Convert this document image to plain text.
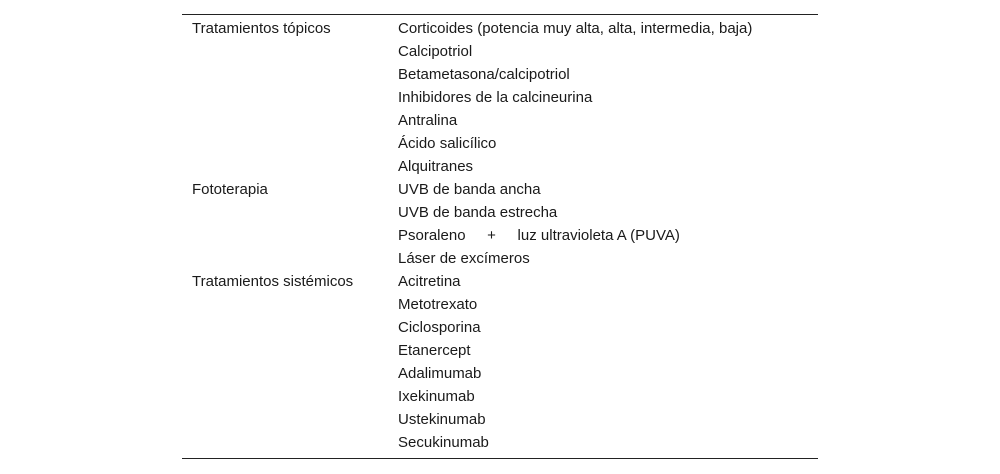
Tratamientos tópicos	Corticoides (potencia muy alta, alta, intermedia, baja)
Calcipotriol
Betametasona/calcipotriol
Inhibidores de la calcineurina
Antralina
Ácido salicílico
Alquitranes
Fototerapia	UVB de banda ancha
UVB de banda estrecha
Psoraleno	+	luz ultravioleta A (PUVA)
Láser de excímeros
Tratamientos sistémicos	Acitretina
Metotrexato
Ciclosporina
Etanercept
Adalimumab
Ixekinumab
Ustekinumab
Secukinumab
